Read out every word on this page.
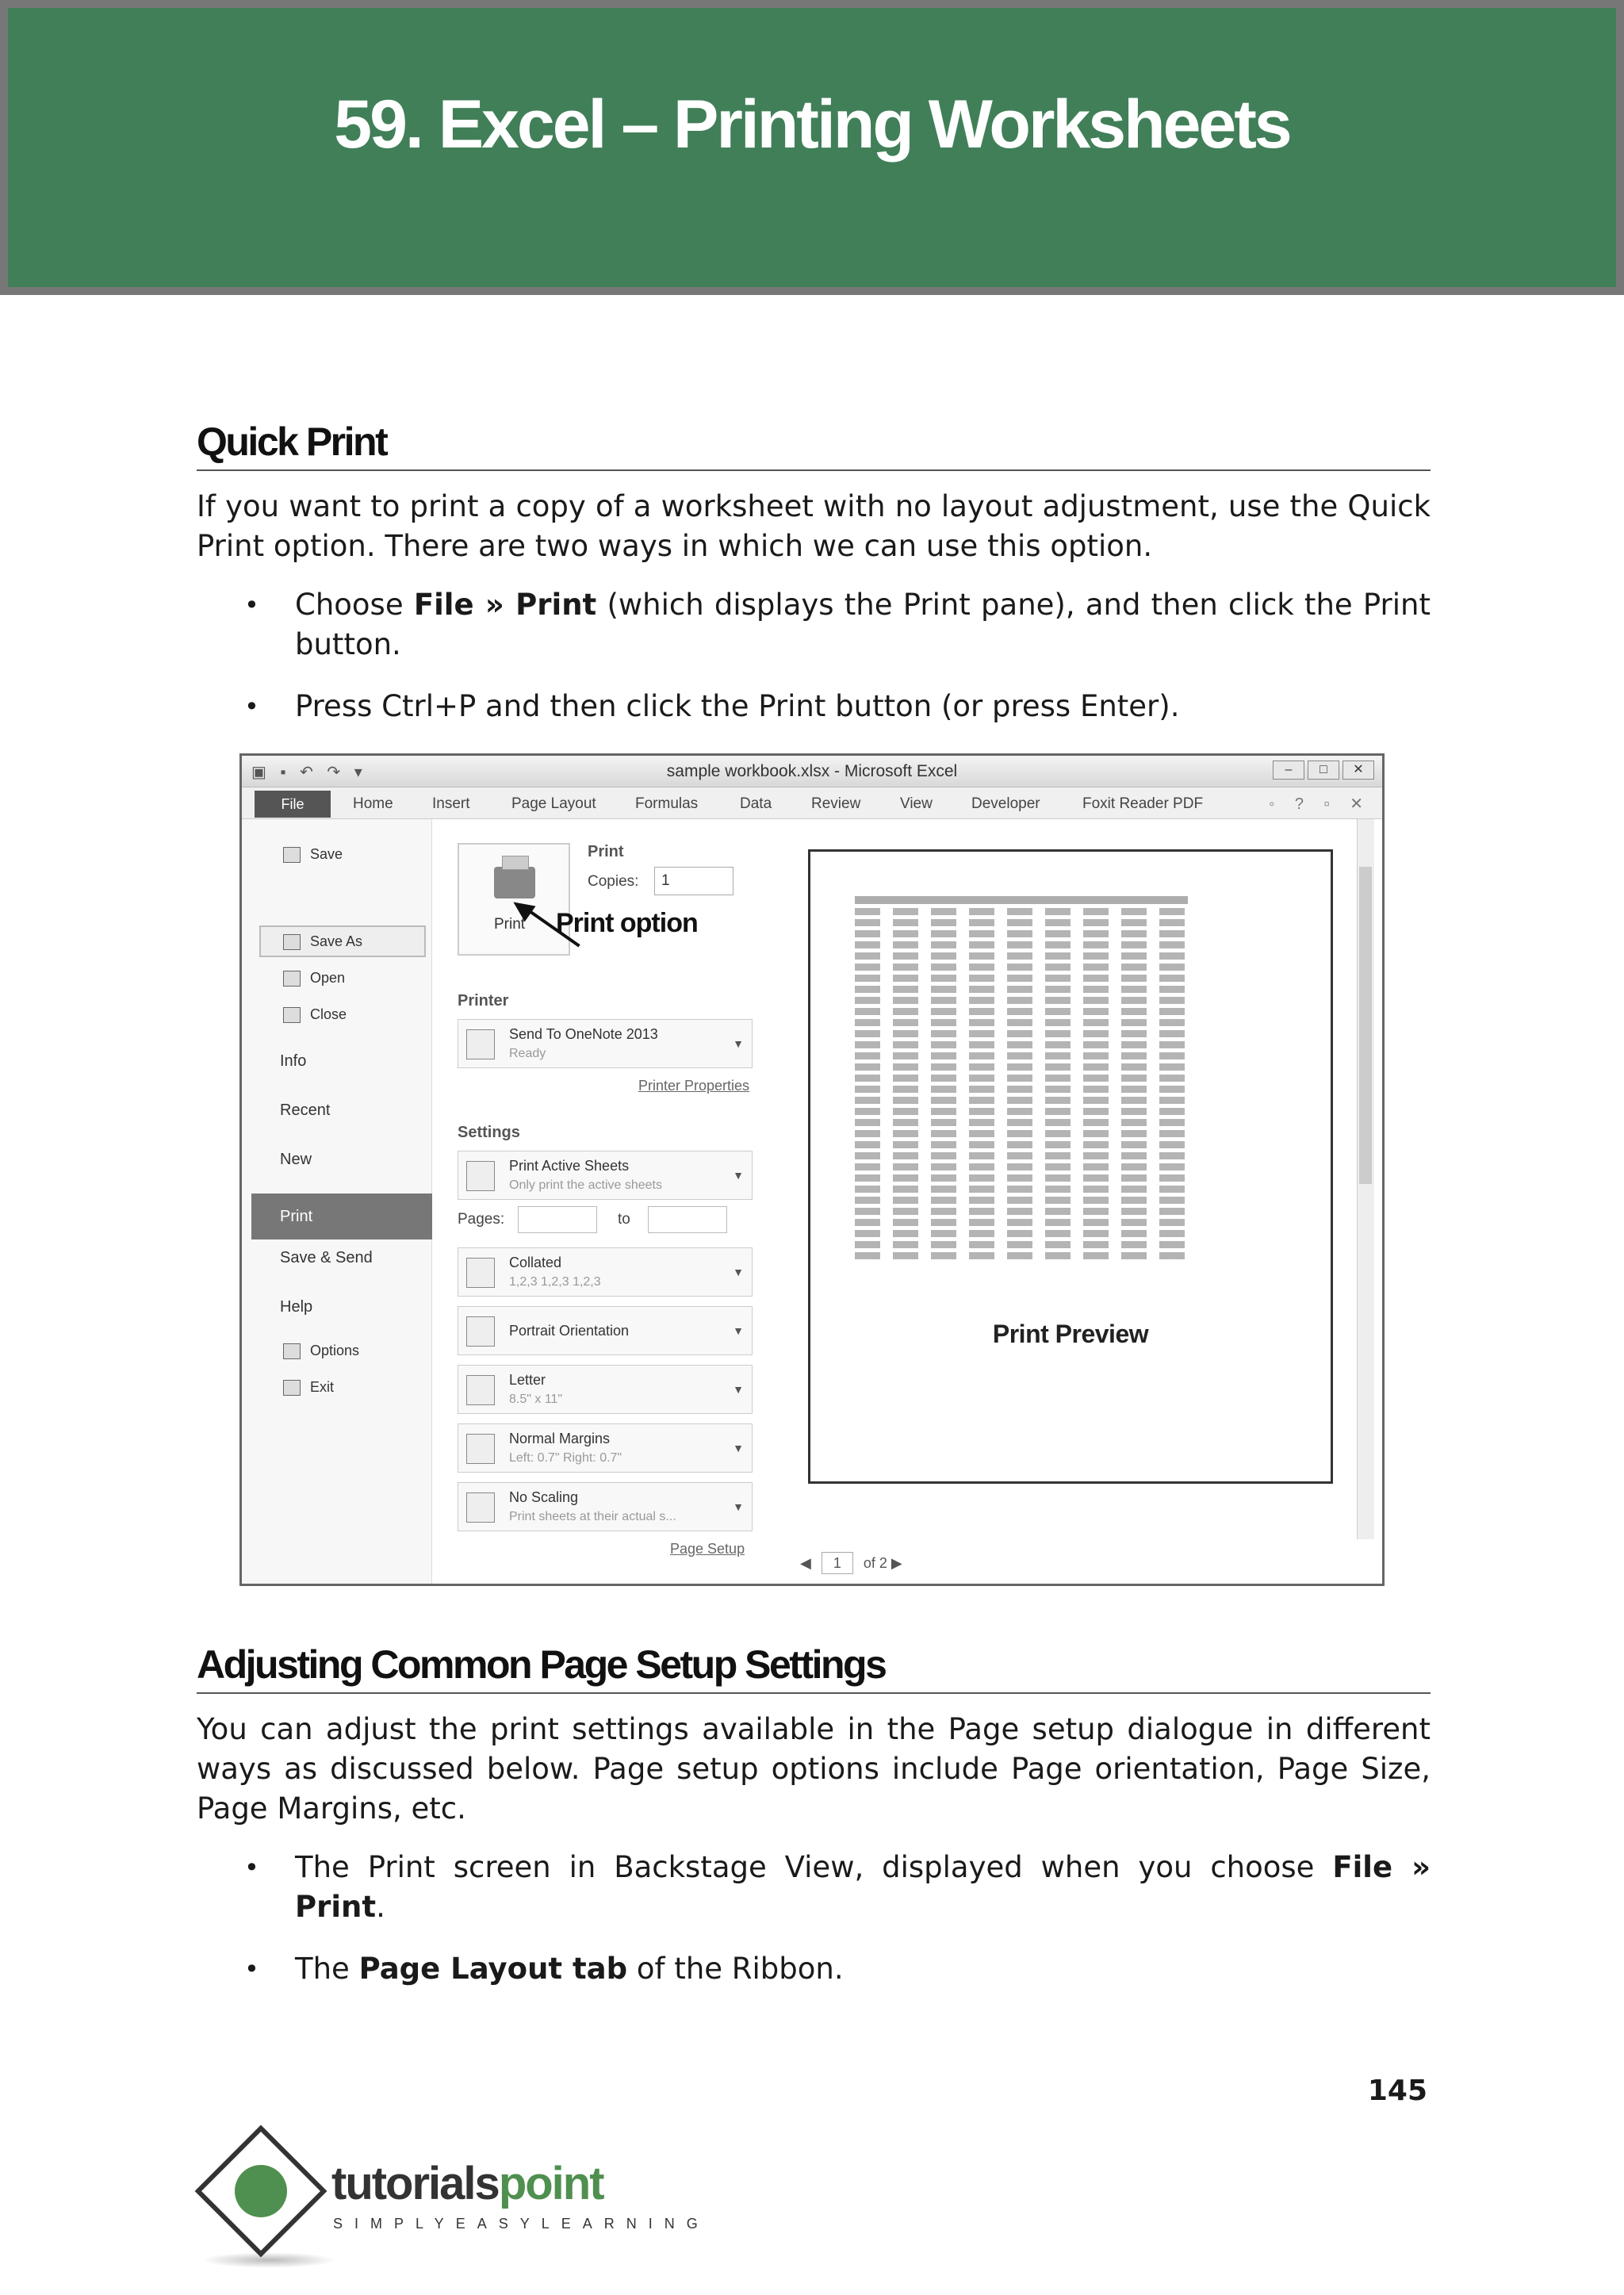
59. Excel – Printing Worksheets
Quick Print

If you want to print a copy of a worksheet with no layout adjustment, use the Quick Print option. There are two ways in which we can use this option.

• Choose File » Print (which displays the Print pane), and then click the Print button.
• Press Ctrl+P and then click the Print button (or press Enter).
▣ ▪ ↶ ↷ ▾	sample workbook.xlsx - Microsoft Excel	–	□	✕
File	Home	Insert	Page Layout	Formulas	Data	Review	View	Developer	Foxit Reader PDF	◦ ? ▫ ✕
Save
Save As
Open
Close
Info
Recent
New
Print
Save & Send
Help
Options
Exit
Print
Print
Copies:	1
Print option
Printer
Send To OneNote 2013
Ready
▼
Printer Properties
Settings
Print Active Sheets
Only print the active sheets
▼
Pages:	to
Collated
1,2,3 1,2,3 1,2,3
▼
Portrait Orientation	▼
Letter
8.5" x 11"
▼
Normal Margins
Left: 0.7" Right: 0.7"
▼
No Scaling
Print sheets at their actual s...
▼
Page Setup
Print Preview
◀ 1 of 2 ▶
Adjusting Common Page Setup Settings

You can adjust the print settings available in the Page setup dialogue in different ways as discussed below. Page setup options include Page orientation, Page Size, Page Margins, etc.

• The Print screen in Backstage View, displayed when you choose File » Print.
• The Page Layout tab of the Ribbon.
145
tutorialspoint
SIMPLYEASYLEARNING
